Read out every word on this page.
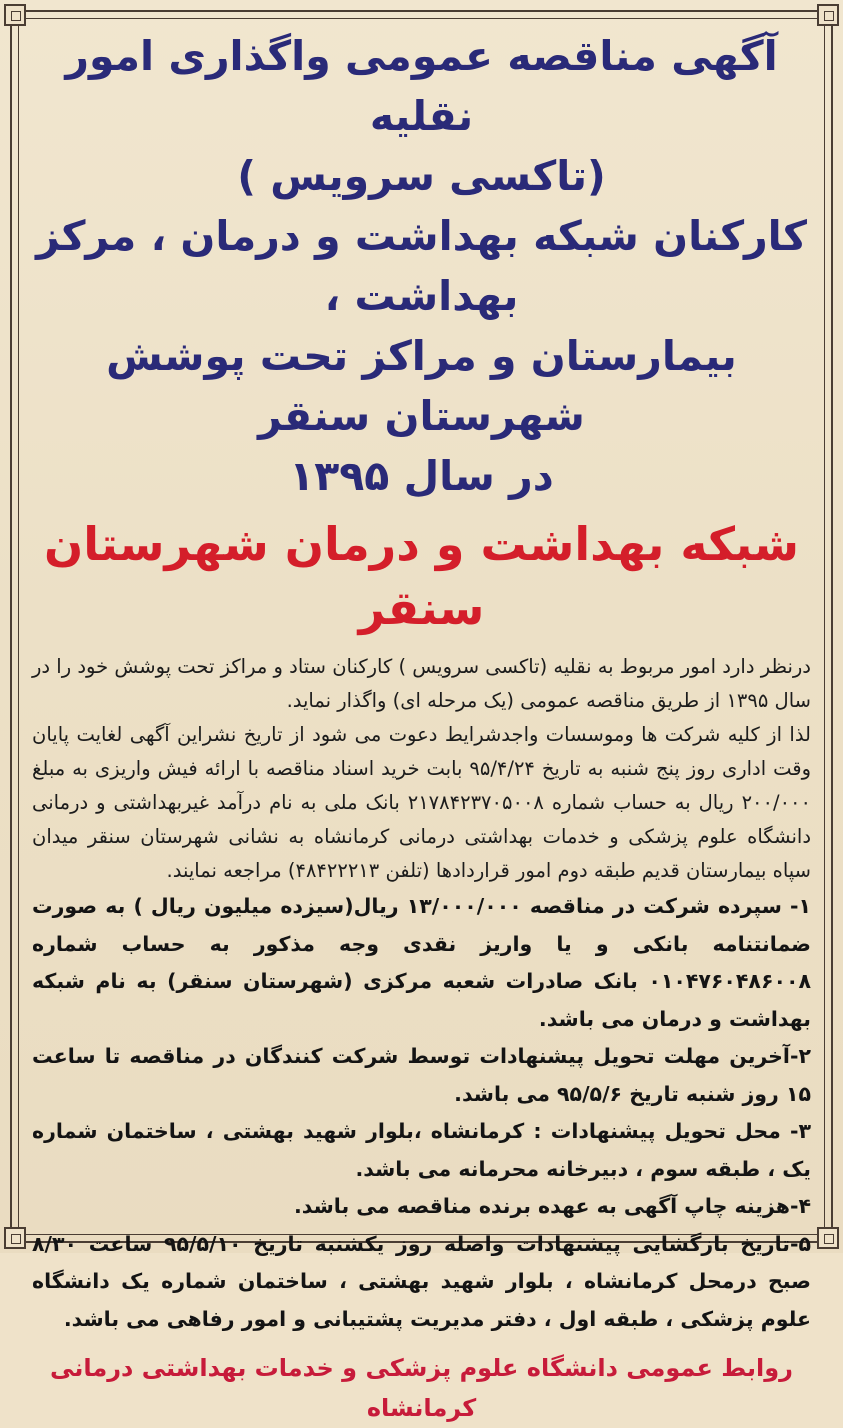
آگهی مناقصه عمومی واگذاری امور نقلیه
(تاکسی سرویس )
کارکنان شبکه بهداشت و درمان ، مرکز بهداشت ،
بیمارستان و مراکز تحت پوشش شهرستان سنقر
در سال ۱۳۹۵
شبکه بهداشت و درمان شهرستان سنقر

درنظر دارد امور مربوط به نقلیه (تاکسی سرویس ) کارکنان ستاد و مراکز تحت پوشش خود را در سال ۱۳۹۵ از طریق مناقصه عمومی (یک مرحله ای) واگذار نماید.

لذا از کلیه شرکت ها وموسسات واجدشرایط دعوت می شود از تاریخ نشراین آگهی لغایت پایان وقت اداری روز پنج شنبه به تاریخ ۹۵/۴/۲۴ بابت خرید اسناد مناقصه با ارائه فیش واریزی به مبلغ ۲۰۰/۰۰۰ ریال به حساب شماره ۲۱۷۸۴۲۳۷۰۵۰۰۸ بانک ملی به نام درآمد غیربهداشتی و درمانی دانشگاه علوم پزشکی و خدمات بهداشتی درمانی کرمانشاه به نشانی شهرستان سنقر میدان سپاه بیمارستان قدیم طبقه دوم امور قراردادها (تلفن ۴۸۴۲۲۲۱۳) مراجعه نمایند.

۱- سپرده شرکت در مناقصه ۱۳/۰۰۰/۰۰۰ ریال(سیزده میلیون ریال ) به صورت ضمانتنامه بانکی و یا واریز نقدی وجه مذکور به حساب شماره ۰۱۰۴۷۶۰۴۸۶۰۰۸ بانک صادرات شعبه مرکزی (شهرستان سنقر) به نام شبکه بهداشت و درمان می باشد.

۲-آخرین مهلت تحویل پیشنهادات توسط شرکت کنندگان در مناقصه تا ساعت ۱۵ روز شنبه تاریخ ۹۵/۵/۶ می باشد.

۳- محل تحویل پیشنهادات : کرمانشاه ،بلوار شهید بهشتی ، ساختمان شماره یک ، طبقه سوم ، دبیرخانه محرمانه می باشد.

۴-هزینه چاپ آگهی به عهده برنده مناقصه می باشد.

۵-تاریخ بازگشایی پیشنهادات واصله روز یکشنبه تاریخ ۹۵/۵/۱۰ ساعت ۸/۳۰ صبح درمحل کرمانشاه ، بلوار شهید بهشتی ، ساختمان شماره یک دانشگاه علوم پزشکی ، طبقه اول ، دفتر مدیریت پشتیبانی و امور رفاهی می باشد.

روابط عمومی دانشگاه علوم پزشکی و خدمات بهداشتی درمانی کرمانشاه
